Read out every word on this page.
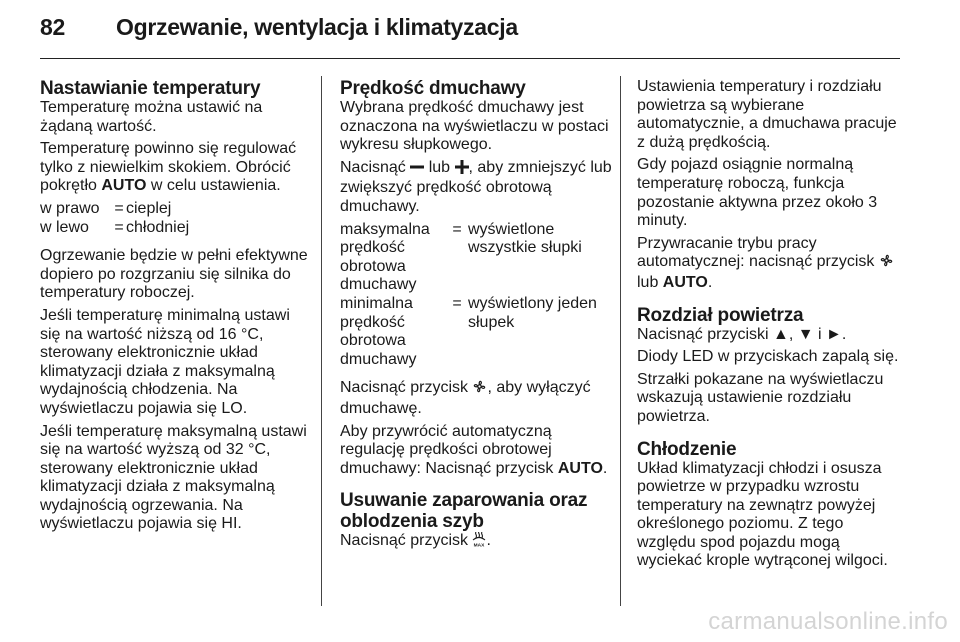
82 Ogrzewanie, wentylacja i klimatyzacja
Nastawianie temperatury

Temperaturę można ustawić na żądaną wartość.

Temperaturę powinno się regulować tylko z niewielkim skokiem. Obrócić pokrętło AUTO w celu ustawienia.

w prawo	=	cieplej
w lewo	=	chłodniej

Ogrzewanie będzie w pełni efektywne dopiero po rozgrzaniu się silnika do temperatury roboczej.

Jeśli temperaturę minimalną ustawi się na wartość niższą od 16 °C, sterowany elektronicznie układ klimatyzacji działa z maksymalną wydajnością chłodzenia. Na wyświetlaczu pojawia się LO.

Jeśli temperaturę maksymalną ustawi się na wartość wyższą od 32 °C, sterowany elektronicznie układ klimatyzacji działa z maksymalną wydajnością ogrzewania. Na wyświetlaczu pojawia się HI.

Prędkość dmuchawy

Wybrana prędkość dmuchawy jest oznaczona na wyświetlaczu w postaci wykresu słupkowego.

Nacisnąć  lub , aby zmniejszyć lub zwiększyć prędkość obrotową dmuchawy.

maksymalna prędkość obrotowa dmuchawy	=	wyświetlone wszystkie słupki
minimalna prędkość obrotowa dmuchawy	=	wyświetlony jeden słupek

Nacisnąć przycisk , aby wyłączyć dmuchawę.

Aby przywrócić automatyczną regulację prędkości obrotowej dmuchawy: Nacisnąć przycisk AUTO.

Usuwanie zaparowania oraz oblodzenia szyb

Nacisnąć przycisk MAX .

Ustawienia temperatury i rozdziału powietrza są wybierane automatycznie, a dmuchawa pracuje z dużą prędkością.

Gdy pojazd osiągnie normalną temperaturę roboczą, funkcja pozostanie aktywna przez około 3 minuty.

Przywracanie trybu pracy automatycznej: nacisnąć przycisk  lub AUTO.

Rozdział powietrza

Nacisnąć przyciski ▲, ▼ i ►.

Diody LED w przyciskach zapalą się.

Strzałki pokazane na wyświetlaczu wskazują ustawienie rozdziału powietrza.

Chłodzenie

Układ klimatyzacji chłodzi i osusza powietrze w przypadku wzrostu temperatury na zewnątrz powyżej określonego poziomu. Z tego względu spod pojazdu mogą wyciekać krople wytrąconej wilgoci.

carmanualsonline.info
